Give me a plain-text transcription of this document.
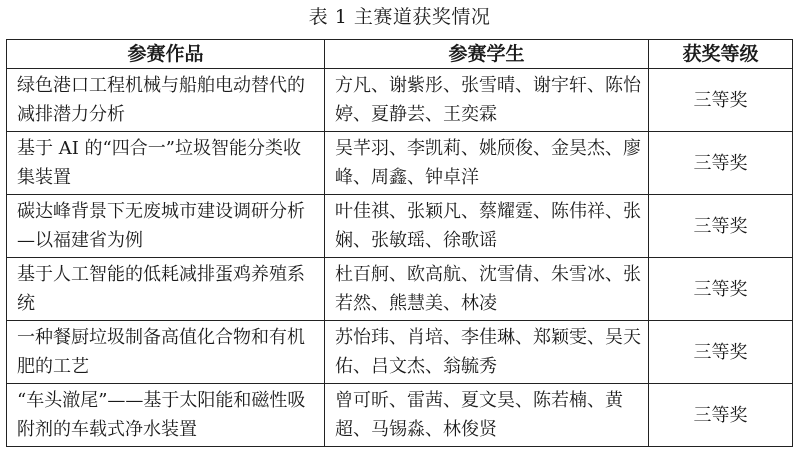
表 1 主赛道获奖情况
参赛作品	参赛学生	获奖等级
绿色港口工程机械与船舶电动替代的减排潜力分析	方凡、谢紫彤、张雪晴、谢宇轩、陈怡婷、夏静芸、王奕霖	三等奖
基于 AI 的“四合一”垃圾智能分类收集装置	吴芊羽、李凯莉、姚颀俊、金昊杰、廖峰、周鑫、钟卓洋	三等奖
碳达峰背景下无废城市建设调研分析—以福建省为例	叶佳祺、张颖凡、蔡耀霆、陈伟祥、张娴、张敏瑶、徐歌谣	三等奖
基于人工智能的低耗减排蛋鸡养殖系统	杜百舸、欧高航、沈雪倩、朱雪冰、张若然、熊慧美、林凌	三等奖
一种餐厨垃圾制备高值化合物和有机肥的工艺	苏怡玮、肖培、李佳琳、郑颖雯、吴天佑、吕文杰、翁毓秀	三等奖
“车头澈尾”——基于太阳能和磁性吸附剂的车载式净水装置	曾可昕、雷茜、夏文昊、陈若楠、黄超、马锡淼、林俊贤	三等奖
